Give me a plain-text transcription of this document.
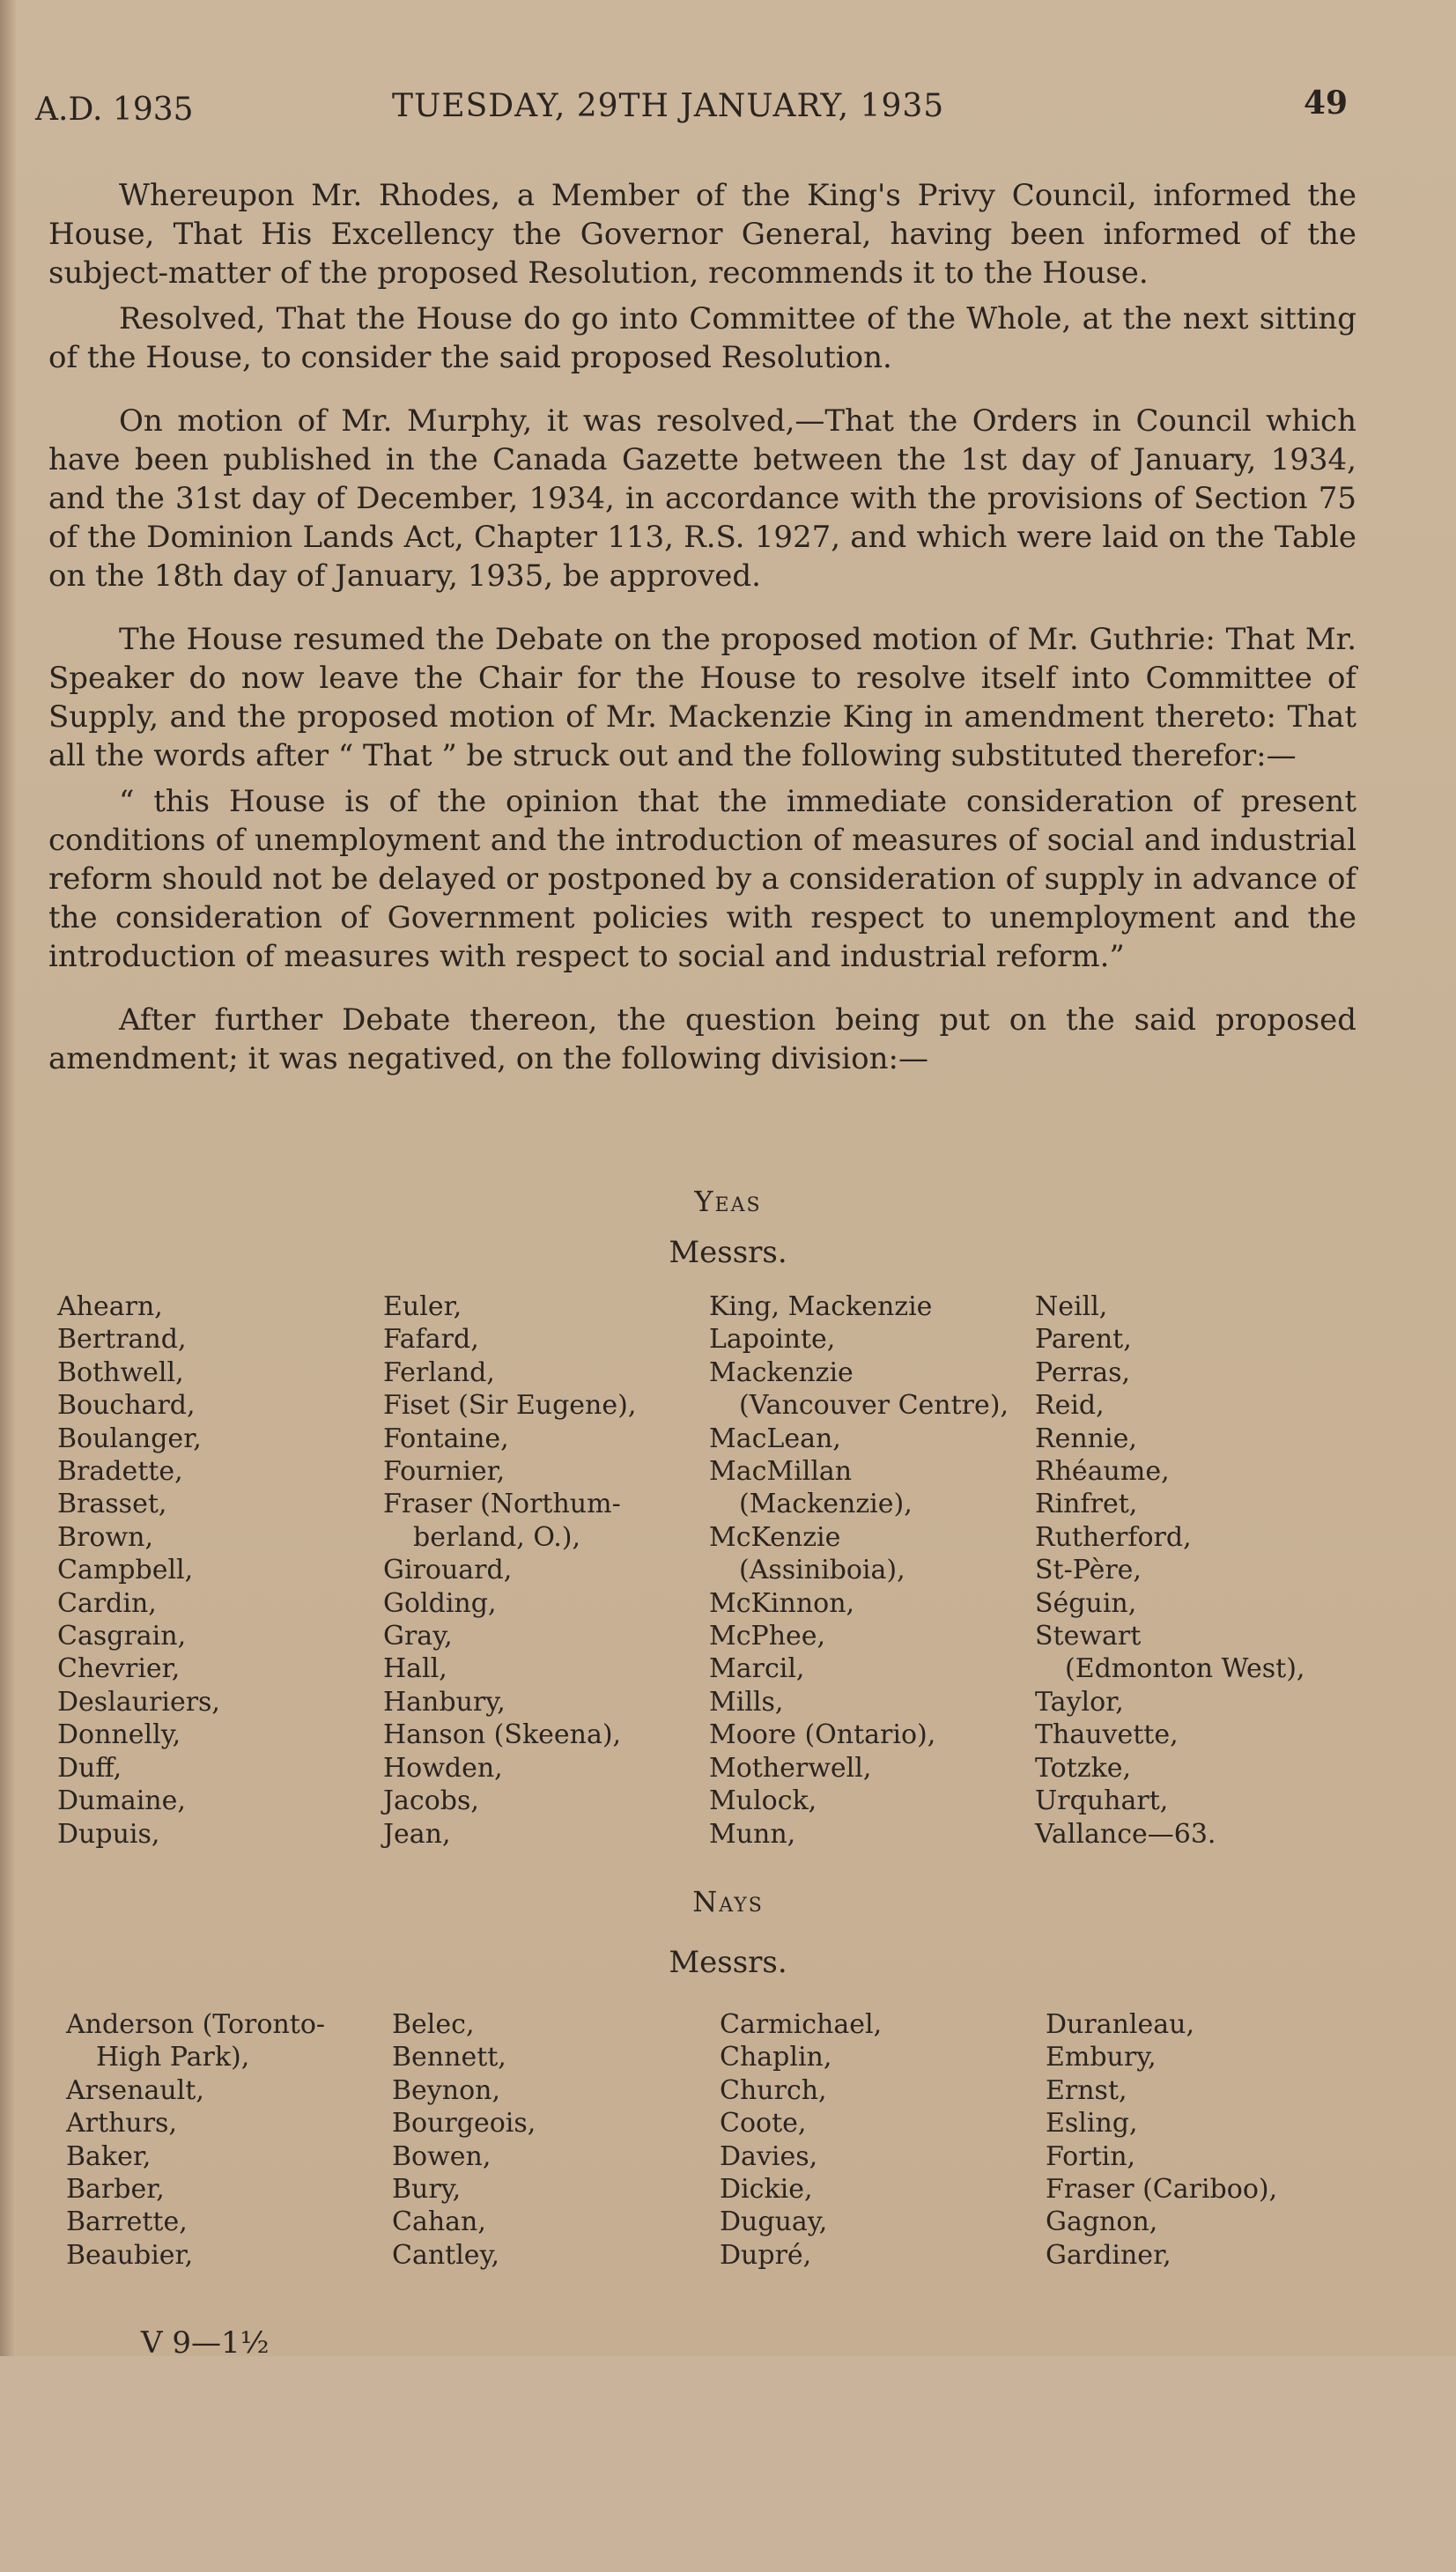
A.D. 1935	TUESDAY, 29TH JANUARY, 1935	49

Whereupon Mr. Rhodes, a Member of the King's Privy Council, informed the House, That His Excellency the Governor General, having been informed of the subject-matter of the proposed Resolution, recommends it to the House.

Resolved, That the House do go into Committee of the Whole, at the next sitting of the House, to consider the said proposed Resolution.

On motion of Mr. Murphy, it was resolved,—That the Orders in Council which have been published in the Canada Gazette between the 1st day of January, 1934, and the 31st day of December, 1934, in accordance with the provisions of Section 75 of the Dominion Lands Act, Chapter 113, R.S. 1927, and which were laid on the Table on the 18th day of January, 1935, be approved.

The House resumed the Debate on the proposed motion of Mr. Guthrie: That Mr. Speaker do now leave the Chair for the House to resolve itself into Committee of Supply, and the proposed motion of Mr. Mackenzie King in amendment thereto: That all the words after “ That ” be struck out and the following substituted therefor:—

“ this House is of the opinion that the immediate consideration of present conditions of unemployment and the introduction of measures of social and industrial reform should not be delayed or postponed by a consideration of supply in advance of the consideration of Government policies with respect to unemployment and the introduction of measures with respect to social and industrial reform.”

After further Debate thereon, the question being put on the said proposed amendment; it was negatived, on the following division:—

Yeas
Messrs.
Ahearn,
Bertrand,
Bothwell,
Bouchard,
Boulanger,
Bradette,
Brasset,
Brown,
Campbell,
Cardin,
Casgrain,
Chevrier,
Deslauriers,
Donnelly,
Duff,
Dumaine,
Dupuis,
Euler,
Fafard,
Ferland,
Fiset (Sir Eugene),
Fontaine,
Fournier,
Fraser (Northum-
berland, O.),
Girouard,
Golding,
Gray,
Hall,
Hanbury,
Hanson (Skeena),
Howden,
Jacobs,
Jean,
King, Mackenzie
Lapointe,
Mackenzie
(Vancouver Centre),
MacLean,
MacMillan
(Mackenzie),
McKenzie
(Assiniboia),
McKinnon,
McPhee,
Marcil,
Mills,
Moore (Ontario),
Motherwell,
Mulock,
Munn,
Neill,
Parent,
Perras,
Reid,
Rennie,
Rhéaume,
Rinfret,
Rutherford,
St-Père,
Séguin,
Stewart
(Edmonton West),
Taylor,
Thauvette,
Totzke,
Urquhart,
Vallance—63.
Nays
Messrs.
Anderson (Toronto-
High Park),
Arsenault,
Arthurs,
Baker,
Barber,
Barrette,
Beaubier,
Belec,
Bennett,
Beynon,
Bourgeois,
Bowen,
Bury,
Cahan,
Cantley,
Carmichael,
Chaplin,
Church,
Coote,
Davies,
Dickie,
Duguay,
Dupré,
Duranleau,
Embury,
Ernst,
Esling,
Fortin,
Fraser (Cariboo),
Gagnon,
Gardiner,
V 9—1½
